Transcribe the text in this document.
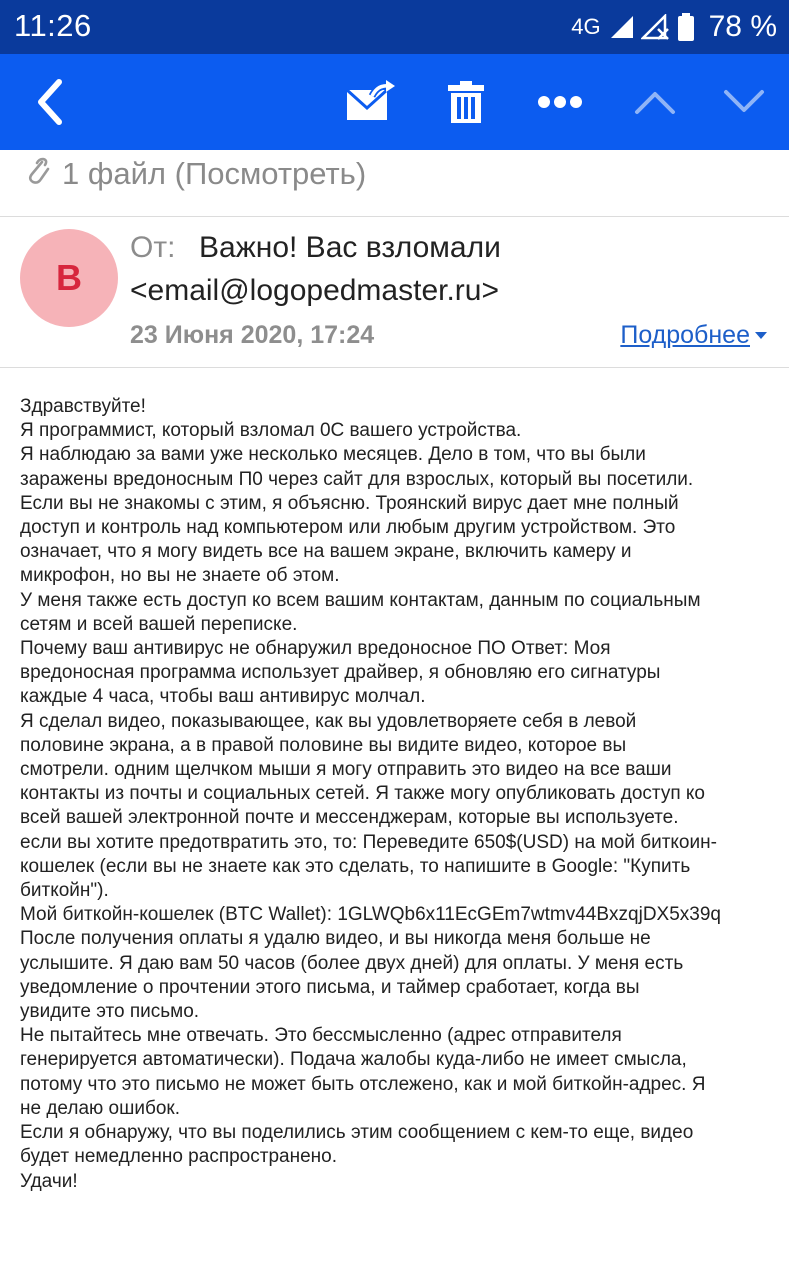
11:26	4G	78 %
1 файл (Посмотреть)
В
От: Важно! Вас взломали
<email@logopedmaster.ru>
23 Июня 2020, 17:24	Подробнее

Здравствуйте!

Я программист, который взломал 0С вашего устройства.

Я наблюдаю за вами уже несколько месяцев. Дело в том, что вы были

заражены вредоносным П0 через сайт для взрослых, который вы посетили.

Если вы не знакомы с этим, я объясню. Троянский вирус дает мне полный

доступ и контроль над компьютером или любым другим устройством. Это

означает, что я могу видеть все на вашем экране, включить камеру и

микрофон, но вы не знаете об этом.

У меня также есть доступ ко всем вашим контактам, данным по социальным

сетям и всей вашей переписке.

Почему ваш антивирус не обнаружил вредоносное ПО Ответ: Моя

вредоносная программа использует драйвер, я обновляю его сигнатуры

каждые 4 часа, чтобы ваш антивирус молчал.

Я сделал видео, показывающее, как вы удовлетворяете себя в левой

половине экрана, а в правой половине вы видите видео, которое вы

смотрели. одним щелчком мыши я могу отправить это видео на все ваши

контакты из почты и социальных сетей. Я также могу опубликовать доступ ко

всей вашей электронной почте и мессенджерам, которые вы используете.

если вы хотите предотвратить это, то: Переведите 650$(USD) на мой биткоин-

кошелек (если вы не знаете как это сделать, то напишите в Google: "Купить

биткойн").

Мой биткойн-кошелек (BTC Wallet): 1GLWQb6x11EcGEm7wtmv44BxzqjDX5x39q

После получения оплаты я удалю видео, и вы никогда меня больше не

услышите. Я даю вам 50 часов (более двух дней) для оплаты. У меня есть

уведомление о прочтении этого письма, и таймер сработает, когда вы

увидите это письмо.

Не пытайтесь мне отвечать. Это бессмысленно (адрес отправителя

генерируется автоматически). Подача жалобы куда-либо не имеет смысла,

потому что это письмо не может быть отслежено, как и мой биткойн-адрес. Я

не делаю ошибок.

Если я обнаружу, что вы поделились этим сообщением с кем-то еще, видео

будет немедленно распространено.

Удачи!
